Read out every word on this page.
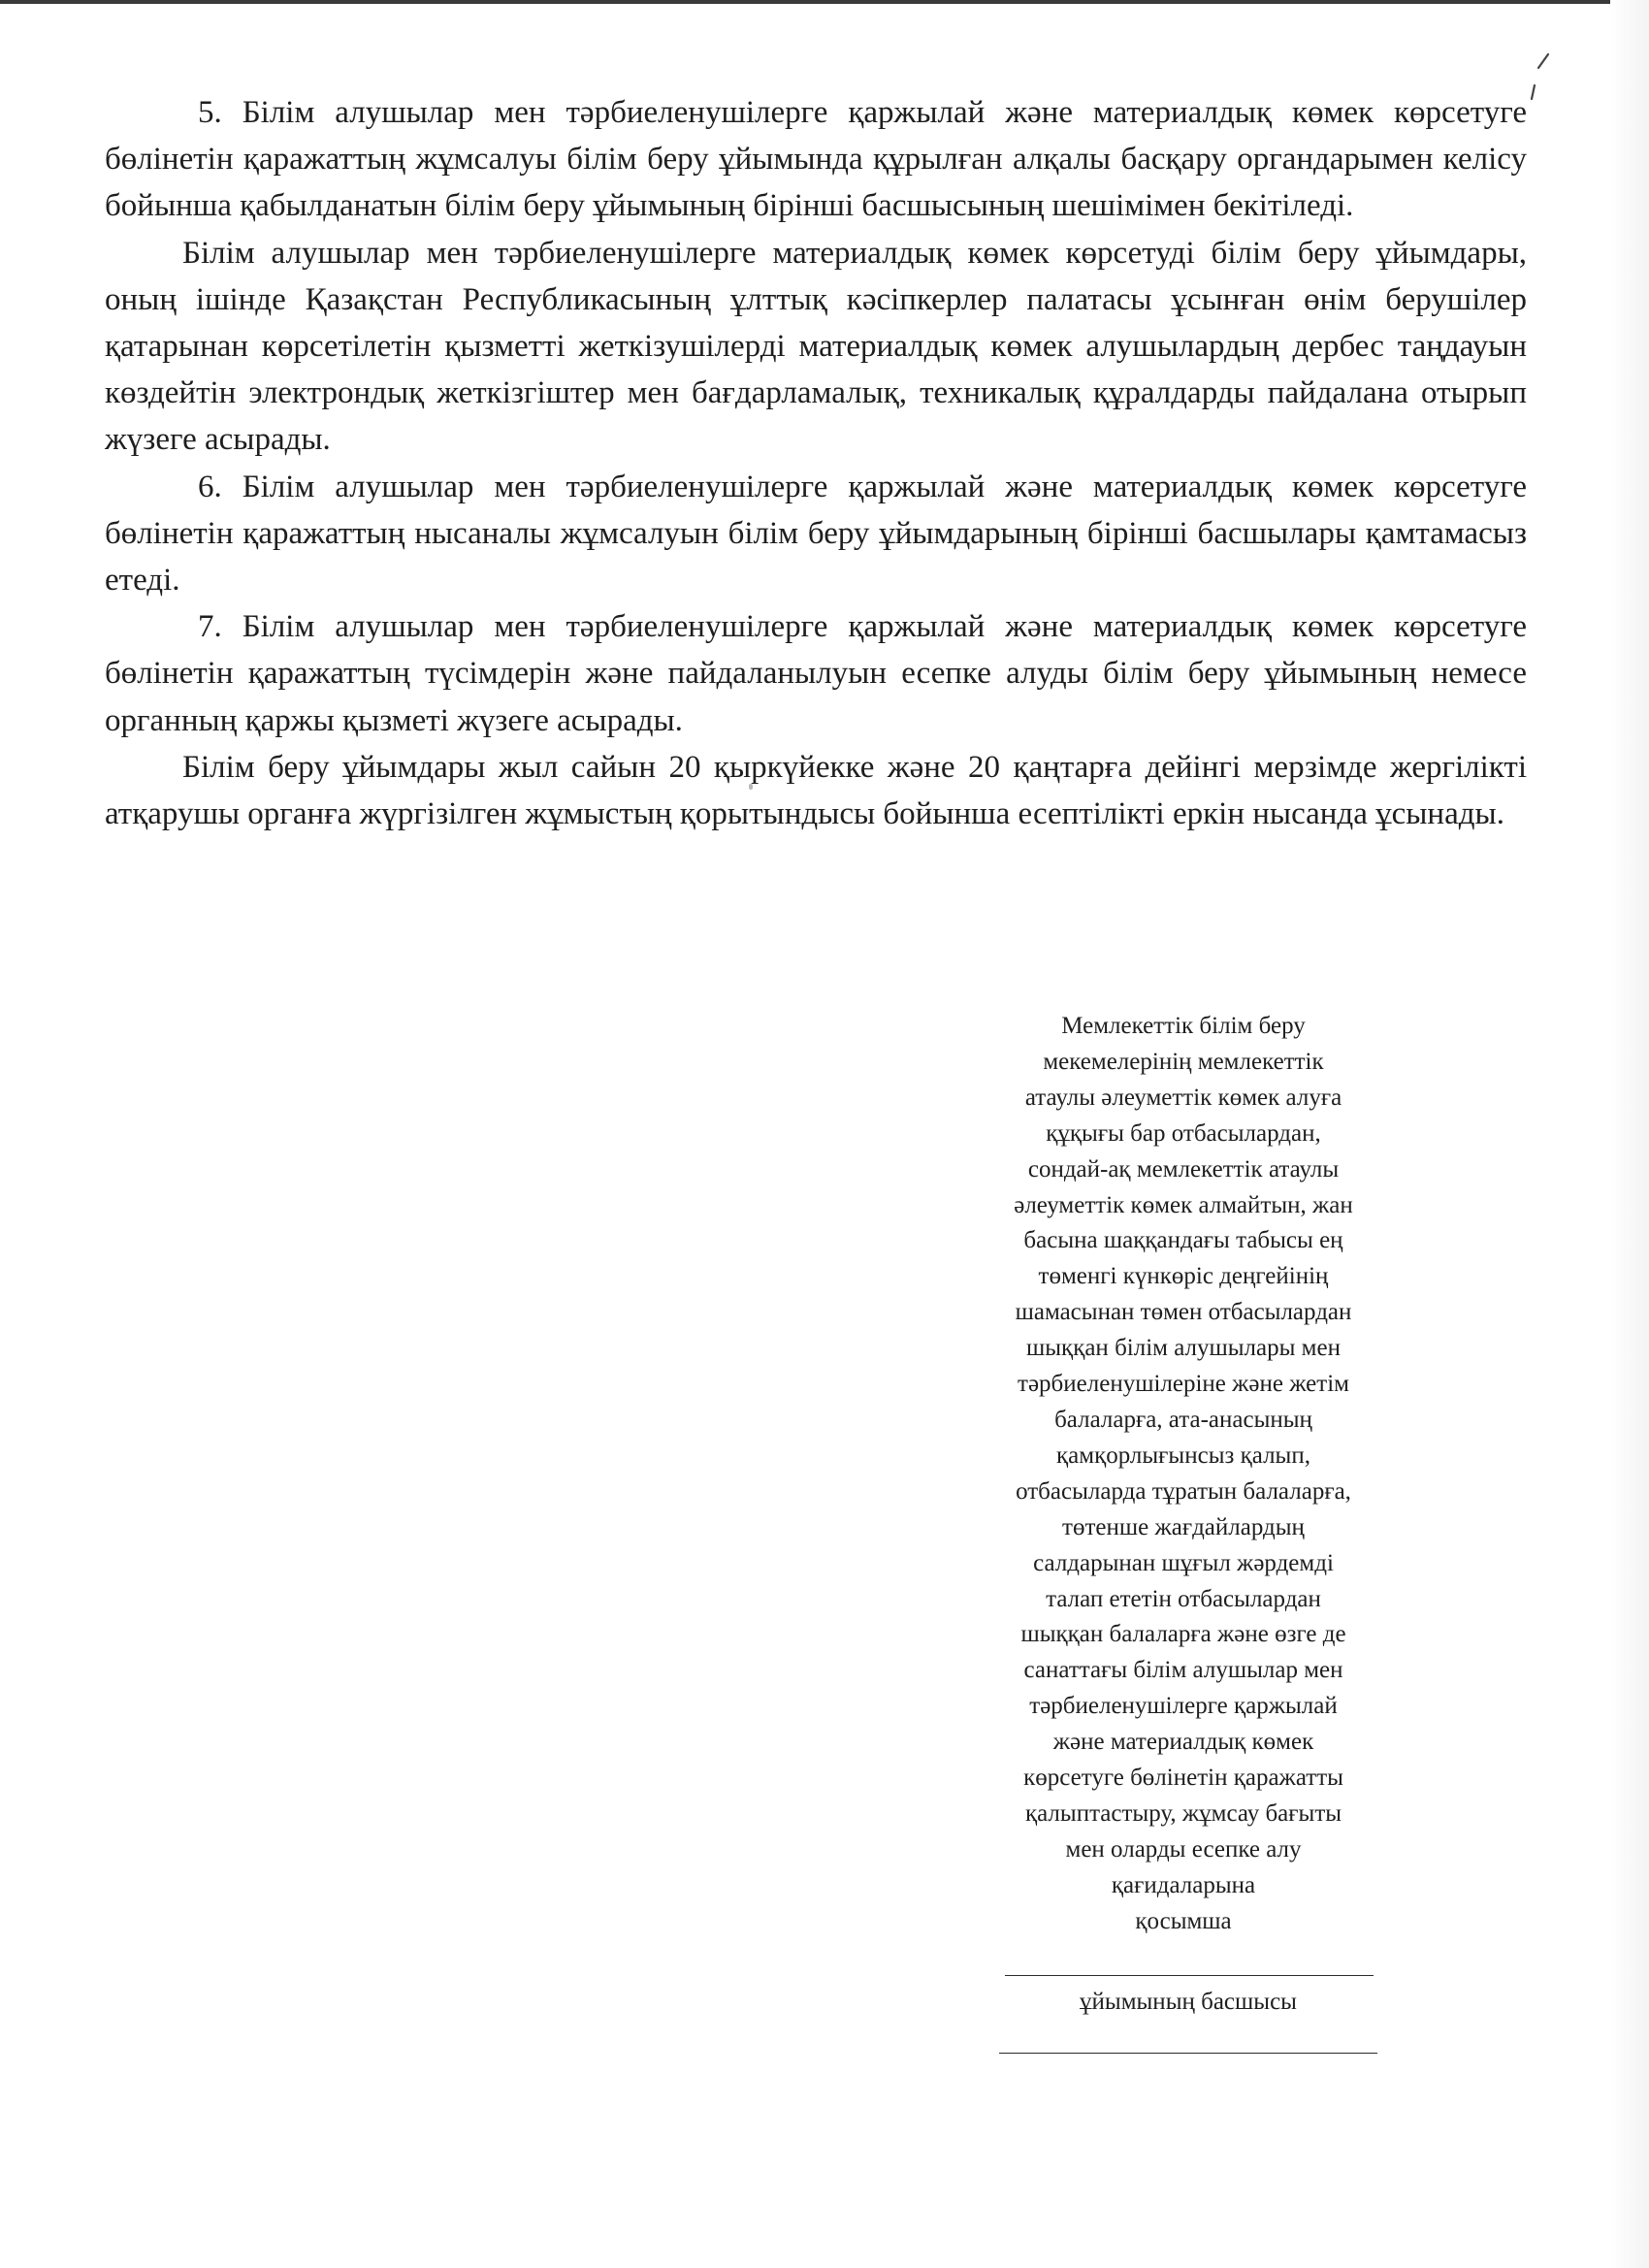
5. Білім алушылар мен тәрбиеленушілерге қаржылай және материалдық көмек көрсетуге бөлінетін қаражаттың жұмсалуы білім беру ұйымында құрылған алқалы басқару органдарымен келісу бойынша қабылданатын білім беру ұйымының бірінші басшысының шешімімен бекітіледі.

Білім алушылар мен тәрбиеленушілерге материалдық көмек көрсетуді білім беру ұйымдары, оның ішінде Қазақстан Республикасының ұлттық кәсіпкерлер палатасы ұсынған өнім берушілер қатарынан көрсетілетін қызметті жеткізушілерді материалдық көмек алушылардың дербес таңдауын көздейтін электрондық жеткізгіштер мен бағдарламалық, техникалық құралдарды пайдалана отырып жүзеге асырады.

6. Білім алушылар мен тәрбиеленушілерге қаржылай және материалдық көмек көрсетуге бөлінетін қаражаттың нысаналы жұмсалуын білім беру ұйымдарының бірінші басшылары қамтамасыз етеді.

7. Білім алушылар мен тәрбиеленушілерге қаржылай және материалдық көмек көрсетуге бөлінетін қаражаттың түсімдерін және пайдаланылуын есепке алуды білім беру ұйымының немесе органның қаржы қызметі жүзеге асырады.

Білім беру ұйымдары жыл сайын 20 қыркүйекке және 20 қаңтарға дейінгі мерзімде жергілікті атқарушы органға жүргізілген жұмыстың қорытындысы бойынша есептілікті еркін нысанда ұсынады.

Мемлекеттік білім беру
мекемелерінің мемлекеттік
атаулы әлеуметтік көмек алуға
құқығы бар отбасылардан,
сондай-ақ мемлекеттік атаулы
әлеуметтік көмек алмайтын, жан
басына шаққандағы табысы ең
төменгі күнкөріс деңгейінің
шамасынан төмен отбасылардан
шыққан білім алушылары мен
тәрбиеленушілеріне және жетім
балаларға, ата-анасының
қамқорлығынсыз қалып,
отбасыларда тұратын балаларға,
төтенше жағдайлардың
салдарынан шұғыл жәрдемді
талап ететін отбасылардан
шыққан балаларға және өзге де
санаттағы білім алушылар мен
тәрбиеленушілерге қаржылай
және материалдық көмек
көрсетуге бөлінетін қаражатты
қалыптастыру, жұмсау бағыты
мен оларды есепке алу
қағидаларына
қосымша
ұйымының басшысы
